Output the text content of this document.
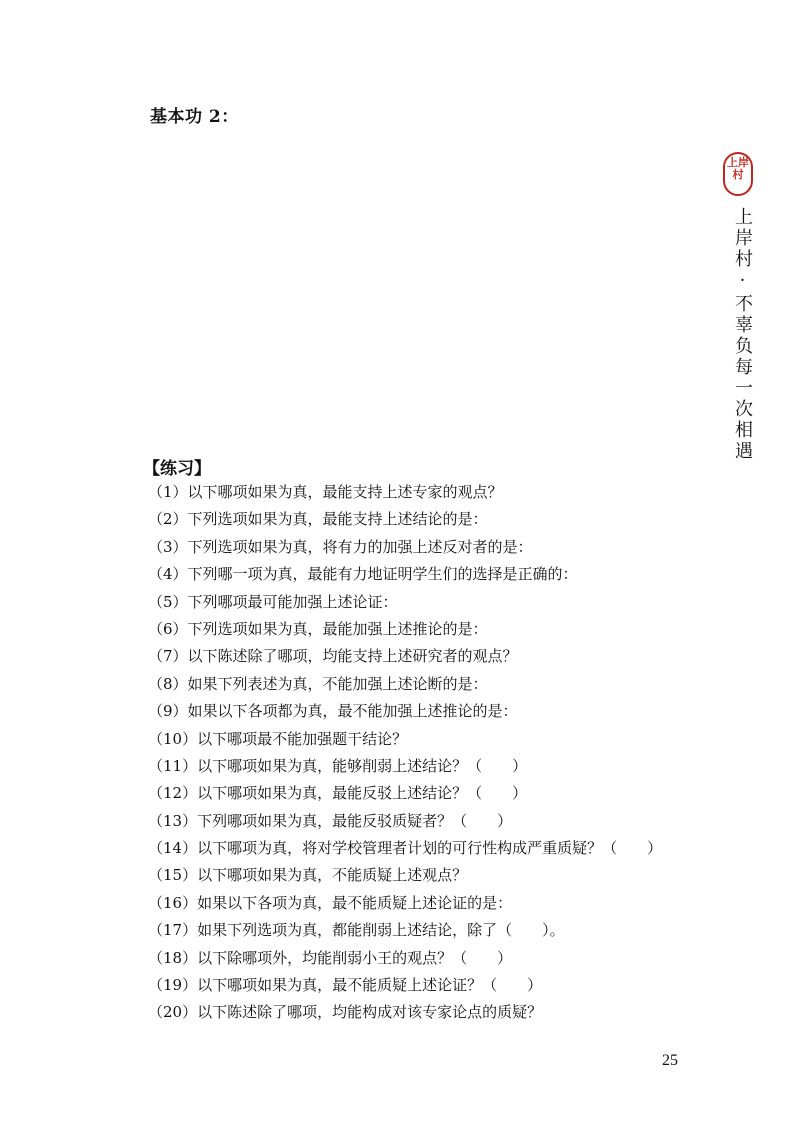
基本功 2：
【练习】
（1）以下哪项如果为真，最能支持上述专家的观点？
（2）下列选项如果为真，最能支持上述结论的是：
（3）下列选项如果为真，将有力的加强上述反对者的是：
（4）下列哪一项为真，最能有力地证明学生们的选择是正确的：
（5）下列哪项最可能加强上述论证：
（6）下列选项如果为真，最能加强上述推论的是：
（7）以下陈述除了哪项，均能支持上述研究者的观点？
（8）如果下列表述为真，不能加强上述论断的是：
（9）如果以下各项都为真，最不能加强上述推论的是：
（10）以下哪项最不能加强题干结论？
（11）以下哪项如果为真，能够削弱上述结论？（　　）
（12）以下哪项如果为真，最能反驳上述结论？（　　）
（13）下列哪项如果为真，最能反驳质疑者？（　　）
（14）以下哪项为真，将对学校管理者计划的可行性构成严重质疑？（　　）
（15）以下哪项如果为真，不能质疑上述观点？
（16）如果以下各项为真，最不能质疑上述论证的是：
（17）如果下列选项为真，都能削弱上述结论，除了（　　）。
（18）以下除哪项外，均能削弱小王的观点？（　　）
（19）以下哪项如果为真，最不能质疑上述论证？（　　）
（20）以下陈述除了哪项，均能构成对该专家论点的质疑？
上岸村
上岸村·不辜负每一次相遇
25
